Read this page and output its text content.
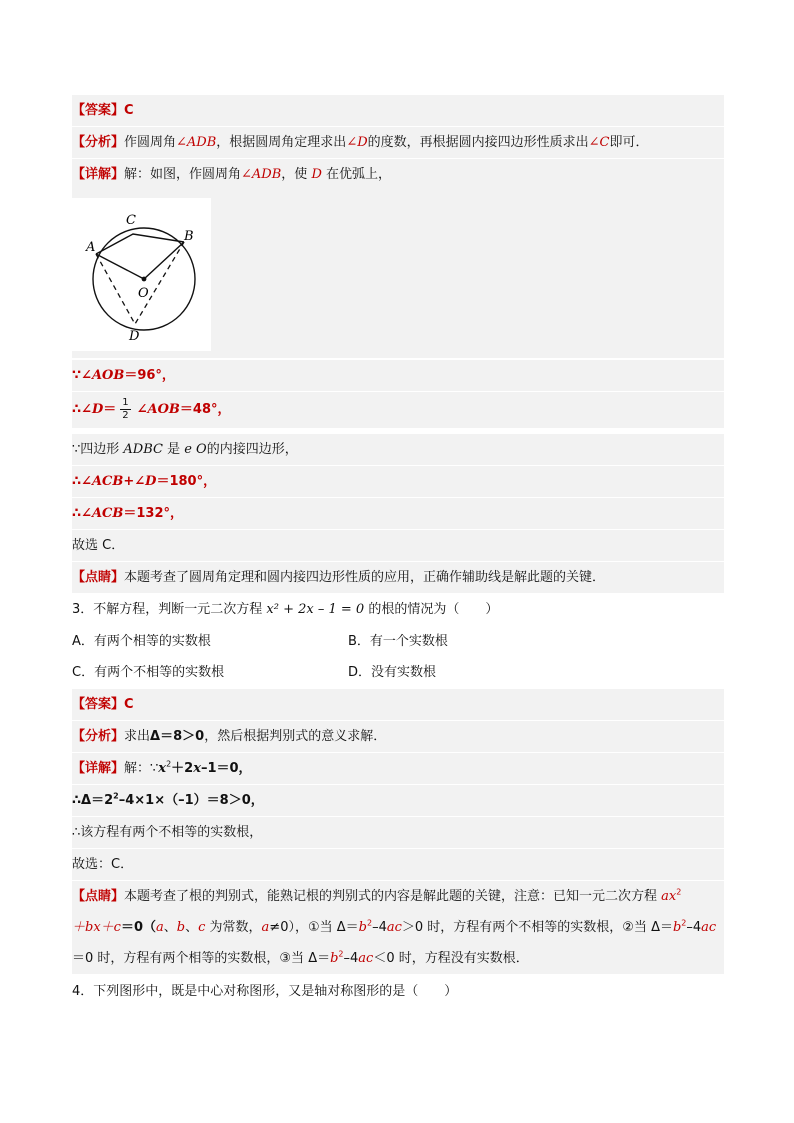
【答案】C
【分析】作圆周角∠ADB，根据圆周角定理求出∠D的度数，再根据圆内接四边形性质求出∠C即可．
【详解】解：如图，作圆周角∠ADB，使 D 在优弧上，
A
C
B
O
D
∵∠AOB＝96°，
∴∠D＝ $\frac{1}{2}$ ∠AOB＝48°，
∵四边形 ADBC 是 e O的内接四边形，
∴∠ACB+∠D＝180°，
∴∠ACB＝132°，
故选 C．
【点睛】本题考查了圆周角定理和圆内接四边形性质的应用，正确作辅助线是解此题的关键．
3．不解方程，判断一元二次方程 x² + 2x – 1 = 0 的根的情况为（　　）
A．有两个相等的实数根	B．有一个实数根
C．有两个不相等的实数根	D．没有实数根
【答案】C
【分析】求出Δ＝8＞0，然后根据判别式的意义求解．
【详解】解：$\because x^2+2x-1=0$，
$\therefore\Delta=2^2-4\times 1\times(-1)=8>0$，
∴该方程有两个不相等的实数根，
故选：C．
【点睛】本题考查了根的判别式，能熟记根的判别式的内容是解此题的关键，注意：已知一元二次方程 $ax^2$
＋bx＋c＝0（a、b、c 为常数，a≠0），①当 $\Delta=b^2-4ac>0$ 时，方程有两个不相等的实数根，②当 $\Delta=b^2-4ac$
＝0 时，方程有两个相等的实数根，③当 $\Delta=b^2-4ac<0$ 时，方程没有实数根．
4．下列图形中，既是中心对称图形，又是轴对称图形的是（　　）
